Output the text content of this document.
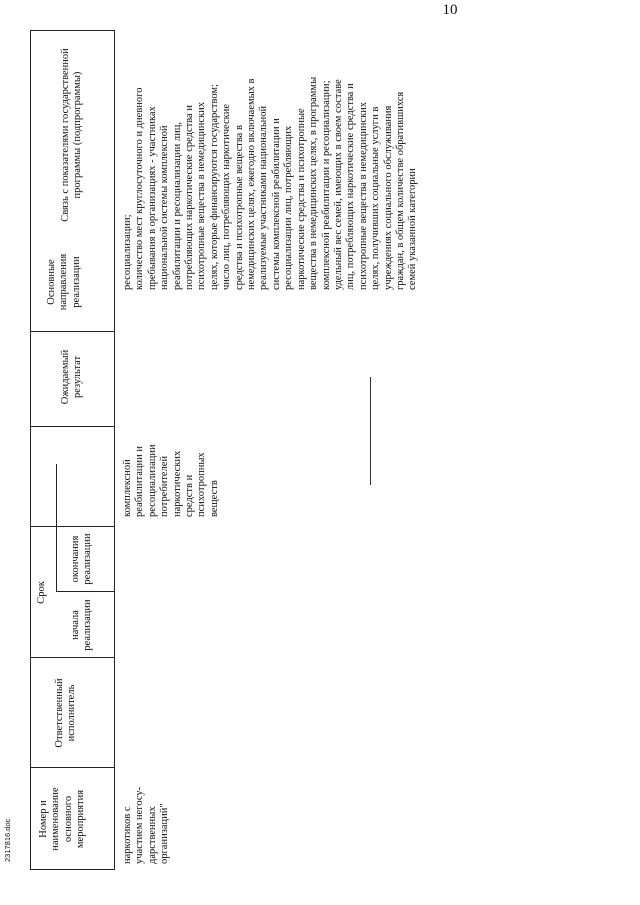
10
Номер и наименование основного мероприятия
Ответственный исполнитель
Срок
начала реализации
окончания реализации
Ожидаемый результат
Основные направления реализации
Связь с показателями государственной программы (подпрограммы)
наркотиков с участием негосу-дарственных организаций"
комплексной реабилитации и ресоциализации потребителей наркотических средств и психотропных веществ
ресоциализации; количество мест круглосуточного и дневного пребывания в организациях - участниках национальной системы комплексной реабилитации и ресоциализации лиц, потребляющих наркотические средства и психотропные вещества в немедицинских целях, которые финансируются государством; число лиц, потребляющих наркотические средства и психотропные вещества в немедицинских целях, ежегодно включаемых в реализуемые участниками национальной системы комплексной реабилитации и ресоциализации лиц, потребляющих наркотические средства и психотропные вещества в немедицинских целях, в программы комплексной реабилитации и ресоциализации; удельный вес семей, имеющих в своем составе лиц, потребляющих наркотические средства и психотропные вещества в немедицинских целях, получивших социальные услуги в учреждениях социального обслуживания граждан, в общем количестве обратившихся семей указанной категории
2317816.doc
